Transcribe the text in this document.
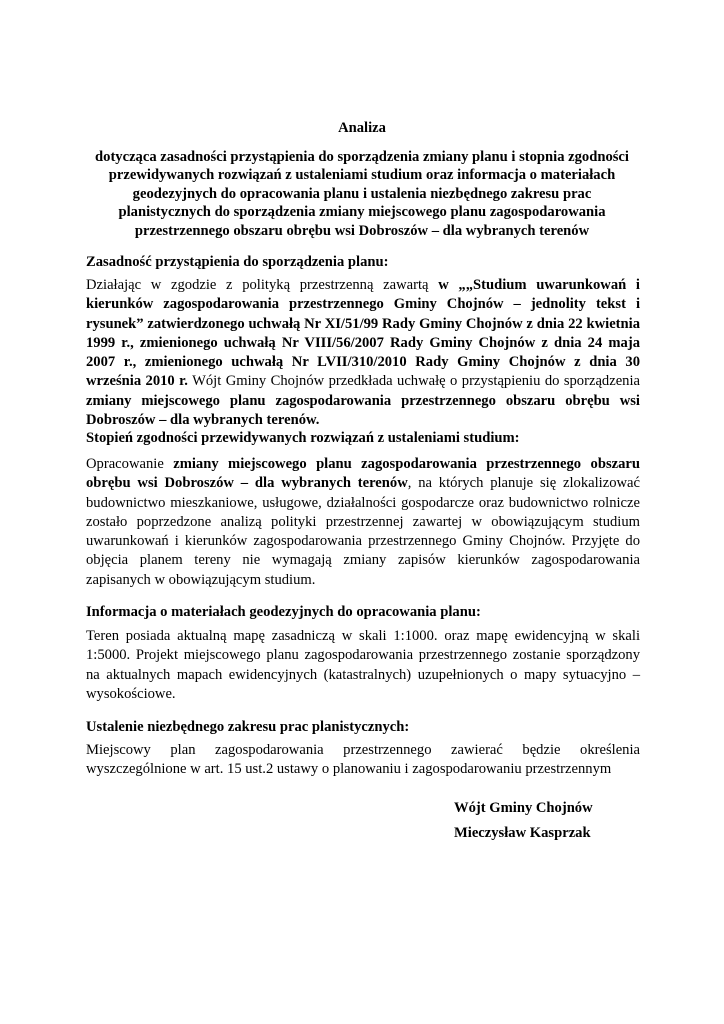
Analiza
dotycząca zasadności przystąpienia do sporządzenia zmiany planu i stopnia zgodności
przewidywanych rozwiązań z ustaleniami studium oraz informacja o materiałach
geodezyjnych do opracowania planu i ustalenia niezbędnego zakresu prac
planistycznych do sporządzenia zmiany miejscowego planu zagospodarowania
przestrzennego obszaru obrębu wsi Dobroszów – dla wybranych terenów
Zasadność przystąpienia do sporządzenia planu:
Działając w zgodzie z polityką przestrzenną zawartą w „„Studium uwarunkowań i kierunków zagospodarowania przestrzennego Gminy Chojnów – jednolity tekst i rysunek” zatwierdzonego uchwałą Nr XI/51/99 Rady Gminy Chojnów z dnia 22 kwietnia 1999 r., zmienionego uchwałą Nr VIII/56/2007 Rady Gminy Chojnów z dnia 24 maja 2007 r., zmienionego uchwałą Nr LVII/310/2010 Rady Gminy Chojnów z dnia 30 września 2010 r. Wójt Gminy Chojnów przedkłada uchwałę o przystąpieniu do sporządzenia zmiany miejscowego planu zagospodarowania przestrzennego obszaru obrębu wsi Dobroszów – dla wybranych terenów.
Stopień zgodności przewidywanych rozwiązań z ustaleniami studium:
Opracowanie zmiany miejscowego planu zagospodarowania przestrzennego obszaru obrębu wsi Dobroszów – dla wybranych terenów, na których planuje się zlokalizować budownictwo mieszkaniowe, usługowe, działalności gospodarcze oraz budownictwo rolnicze zostało poprzedzone analizą polityki przestrzennej zawartej w obowiązującym studium uwarunkowań i kierunków zagospodarowania przestrzennego Gminy Chojnów. Przyjęte do objęcia planem tereny nie wymagają zmiany zapisów kierunków zagospodarowania zapisanych w obowiązującym studium.
Informacja o materiałach geodezyjnych do opracowania planu:
Teren posiada aktualną mapę zasadniczą w skali 1:1000. oraz mapę ewidencyjną w skali 1:5000. Projekt miejscowego planu zagospodarowania przestrzennego zostanie sporządzony na aktualnych mapach ewidencyjnych (katastralnych) uzupełnionych o mapy sytuacyjno – wysokościowe.
Ustalenie niezbędnego zakresu prac planistycznych:
Miejscowy plan zagospodarowania przestrzennego zawierać będzie określenia wyszczególnione w art. 15 ust.2 ustawy o planowaniu i zagospodarowaniu przestrzennym
Wójt Gminy Chojnów
Mieczysław Kasprzak
